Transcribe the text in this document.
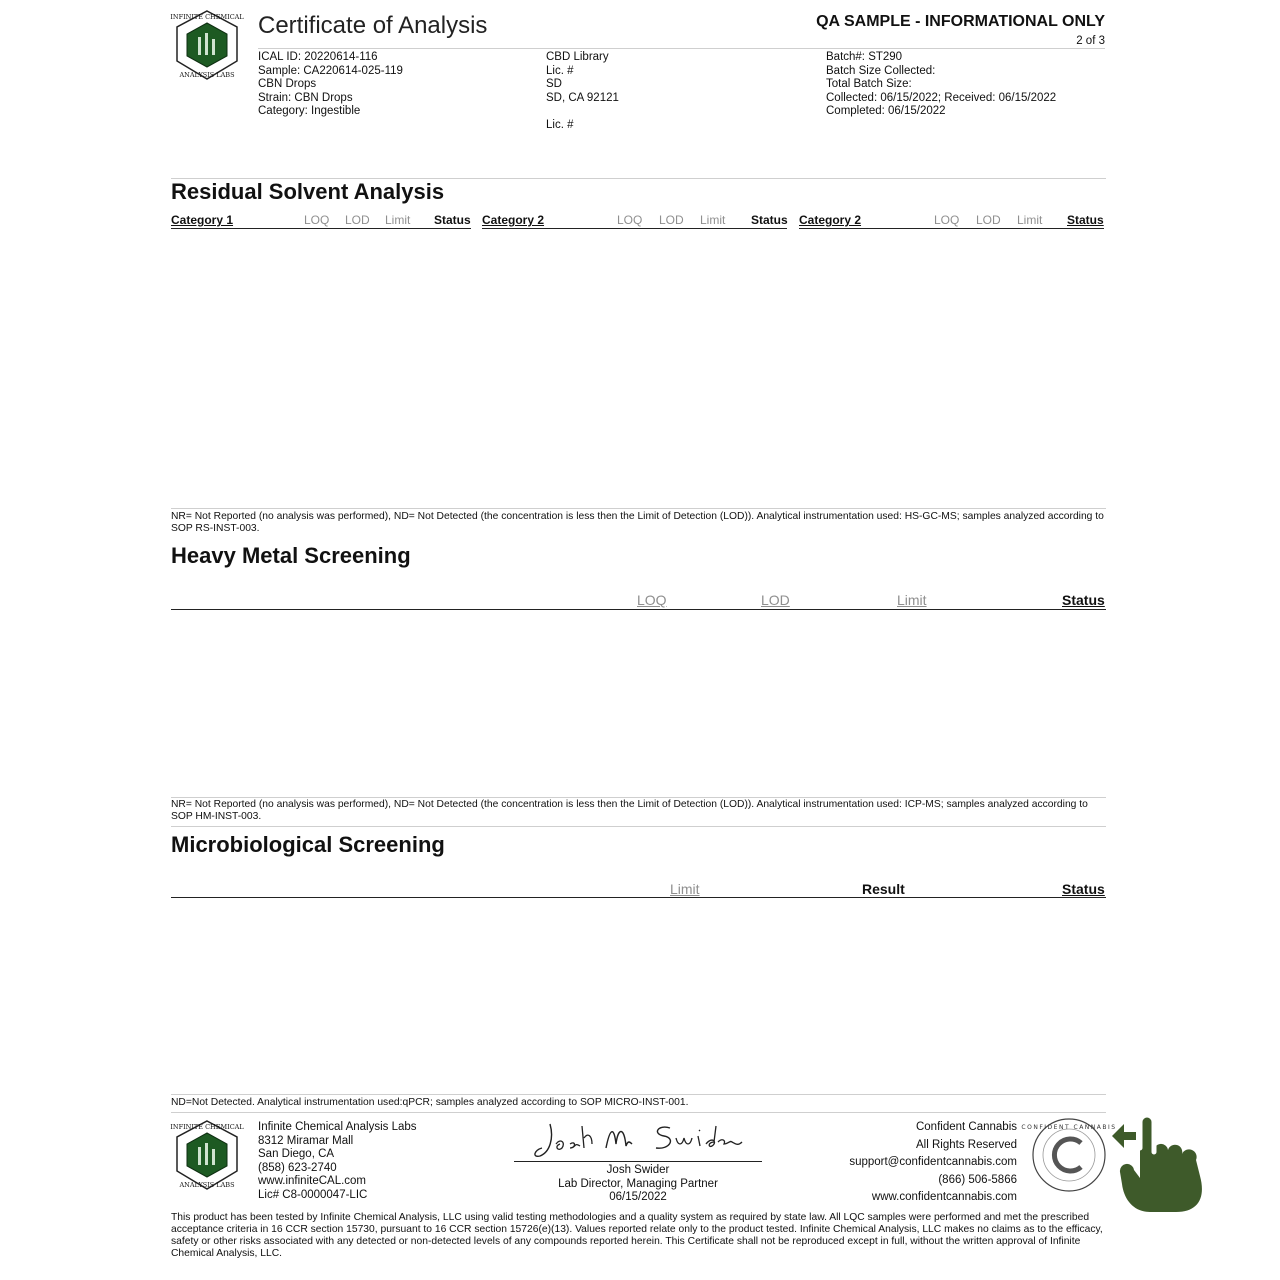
INFINITE CHEMICAL
ANALYSIS LABS
Certificate of Analysis	QA SAMPLE - INFORMATIONAL ONLY
2 of 3
ICAL ID: 20220614-116
Sample: CA220614-025-119
CBN Drops
Strain: CBN Drops
Category: Ingestible
CBD Library
Lic. #
SD
SD, CA 92121
Lic. #
Batch#: ST290
Batch Size Collected:
Total Batch Size:
Collected: 06/15/2022; Received: 06/15/2022
Completed: 06/15/2022
Residual Solvent Analysis
Category 1	LOQ LOD Limit Status Category 2	LOQ LOD Limit Status Category 2	LOQ LOD Limit Status
NR= Not Reported (no analysis was performed), ND= Not Detected (the concentration is less then the Limit of Detection (LOD)). Analytical instrumentation used: HS-GC-MS; samples analyzed according to SOP RS-INST-003.
Heavy Metal Screening
LOQ	LOD	Limit	Status
NR= Not Reported (no analysis was performed), ND= Not Detected (the concentration is less then the Limit of Detection (LOD)). Analytical instrumentation used: ICP-MS; samples analyzed according to SOP HM-INST-003.
Microbiological Screening
Limit	Result	Status
ND=Not Detected. Analytical instrumentation used:qPCR; samples analyzed according to SOP MICRO-INST-001.
INFINITE CHEMICAL
ANALYSIS LABS
Infinite Chemical Analysis Labs
8312 Miramar Mall
San Diego, CA
(858) 623-2740
www.infiniteCAL.com
Lic# C8-0000047-LIC
Josh Swider
Lab Director, Managing Partner
06/15/2022
Confident Cannabis
All Rights Reserved
support@confidentcannabis.com
(866) 506-5866
www.confidentcannabis.com
CONFIDENT CANNABIS
This product has been tested by Infinite Chemical Analysis, LLC using valid testing methodologies and a quality system as required by state law. All LQC samples were performed and met the prescribed acceptance criteria in 16 CCR section 15730, pursuant to 16 CCR section 15726(e)(13). Values reported relate only to the product tested. Infinite Chemical Analysis, LLC makes no claims as to the efficacy, safety or other risks associated with any detected or non-detected levels of any compounds reported herein. This Certificate shall not be reproduced except in full, without the written approval of Infinite Chemical Analysis, LLC.
